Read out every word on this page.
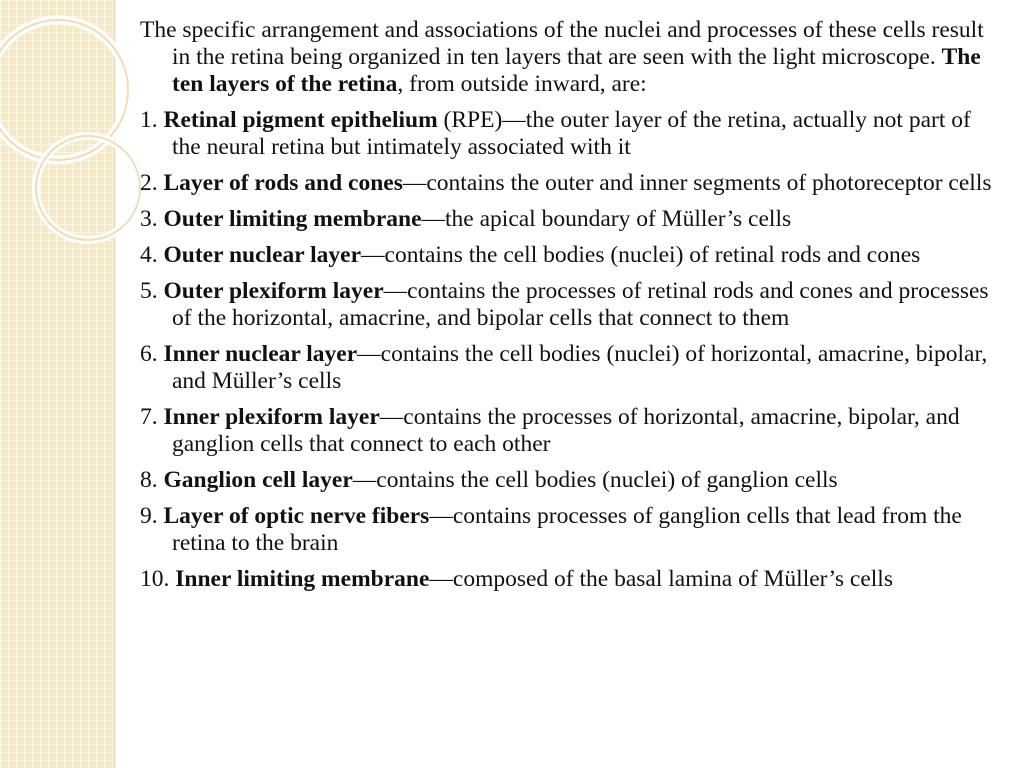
The specific arrangement and associations of the nuclei and processes of these cells result in the retina being organized in ten layers that are seen with the light microscope. The ten layers of the retina, from outside inward, are:

1. Retinal pigment epithelium (RPE)—the outer layer of the retina, actually not part of the neural retina but intimately associated with it

2. Layer of rods and cones—contains the outer and inner segments of photoreceptor cells

3. Outer limiting membrane—the apical boundary of Müller’s cells

4. Outer nuclear layer—contains the cell bodies (nuclei) of retinal rods and cones

5. Outer plexiform layer—contains the processes of retinal rods and cones and processes of the horizontal, amacrine, and bipolar cells that connect to them

6. Inner nuclear layer—contains the cell bodies (nuclei) of horizontal, amacrine, bipolar, and Müller’s cells

7. Inner plexiform layer—contains the processes of horizontal, amacrine, bipolar, and ganglion cells that connect to each other

8. Ganglion cell layer—contains the cell bodies (nuclei) of ganglion cells

9. Layer of optic nerve fibers—contains processes of ganglion cells that lead from the retina to the brain

10. Inner limiting membrane—composed of the basal lamina of Müller’s cells
